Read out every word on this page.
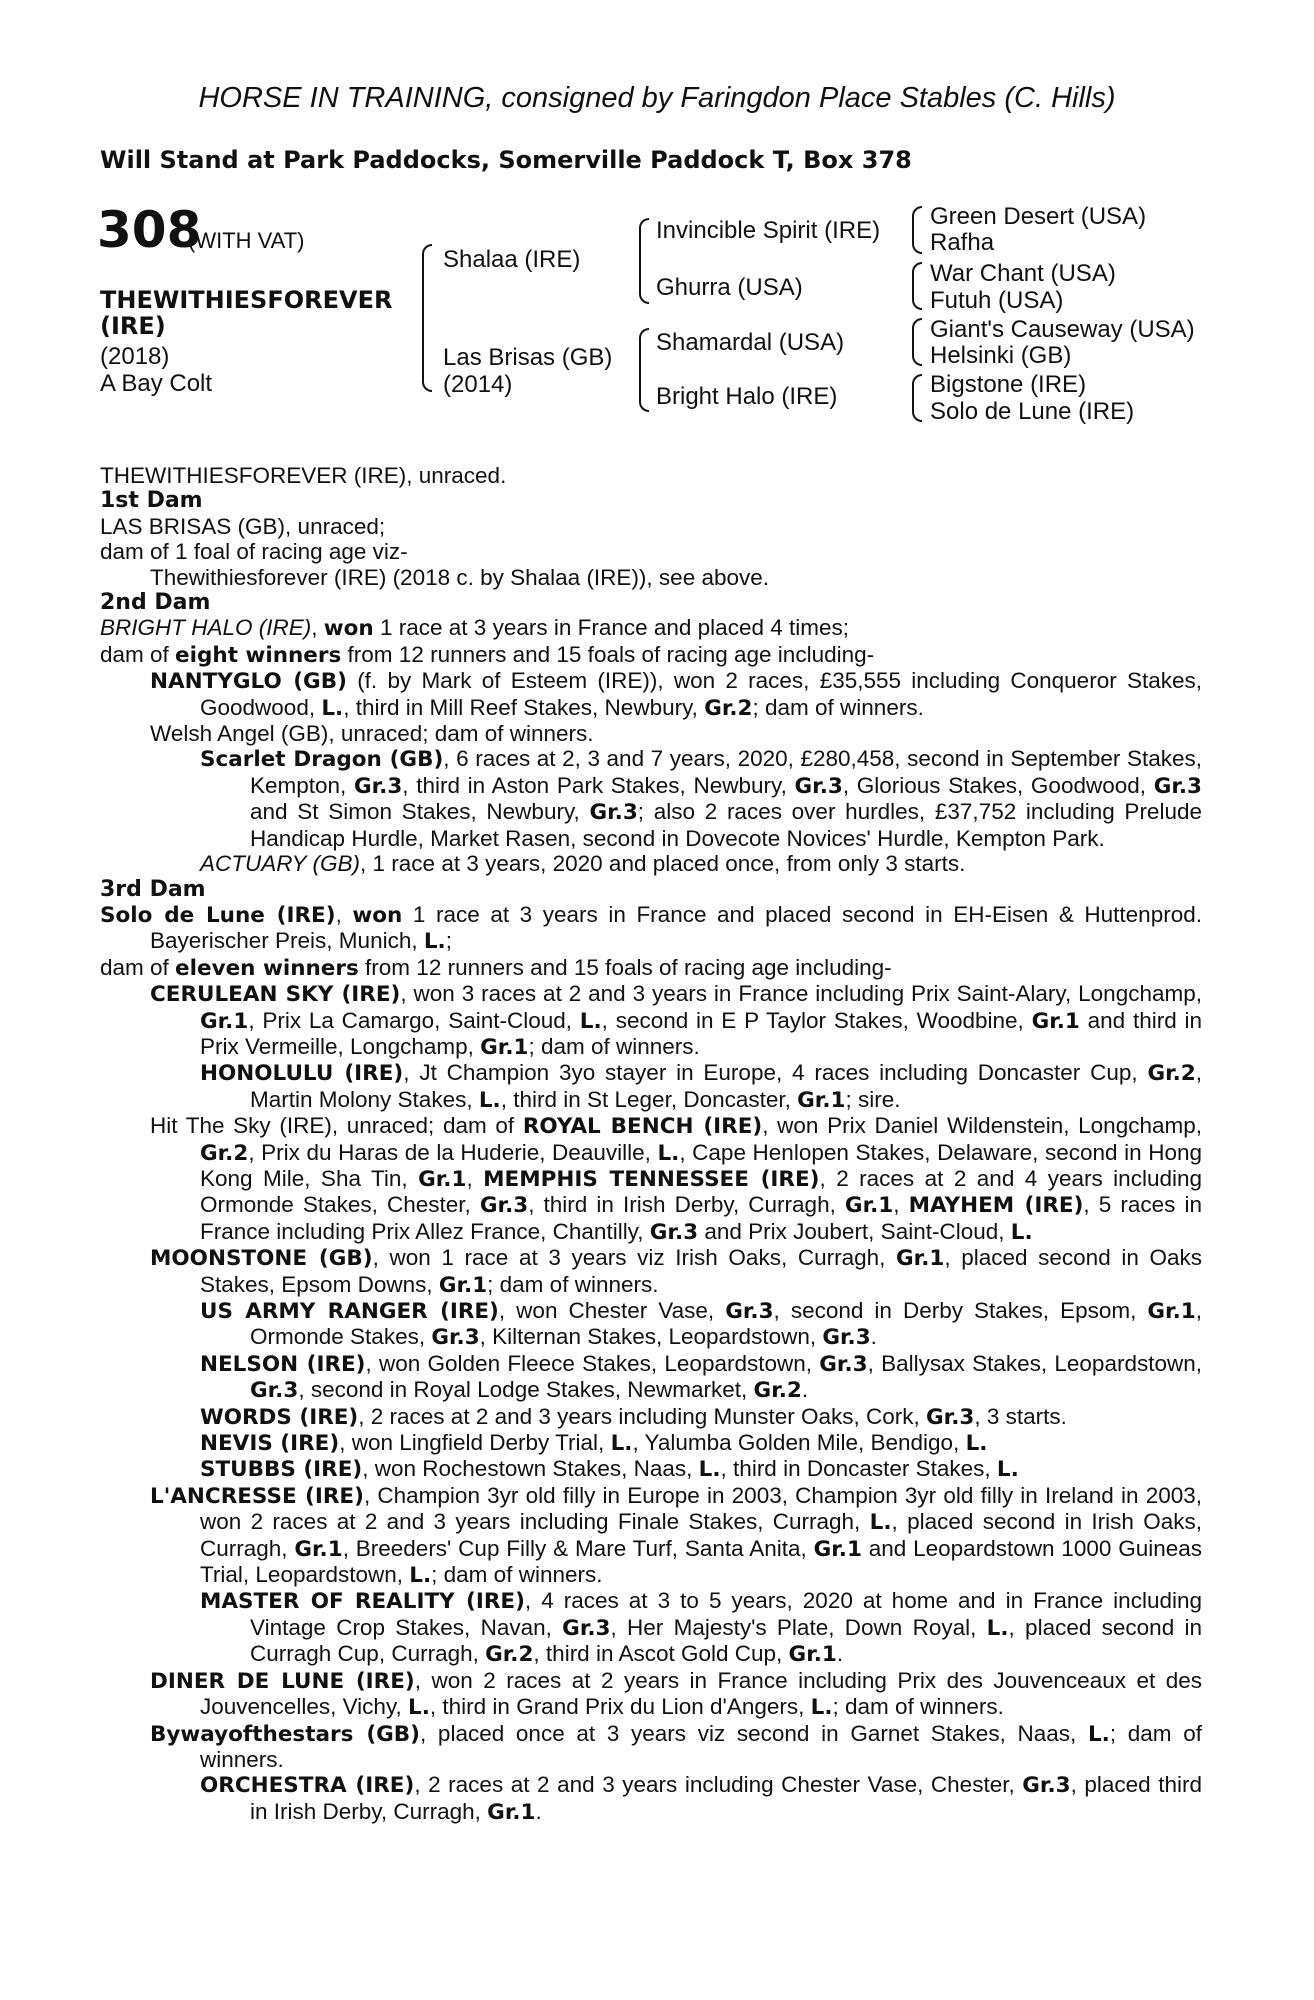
HORSE IN TRAINING, consigned by Faringdon Place Stables (C. Hills)
Will Stand at Park Paddocks, Somerville Paddock T, Box 378
308
(WITH VAT)
THEWITHIESFOREVER
(IRE)
(2018)
A Bay Colt
Shalaa (IRE)
Las Brisas (GB)
(2014)
Invincible Spirit (IRE)
Ghurra (USA)
Shamardal (USA)
Bright Halo (IRE)
Green Desert (USA)
Rafha
War Chant (USA)
Futuh (USA)
Giant's Causeway (USA)
Helsinki (GB)
Bigstone (IRE)
Solo de Lune (IRE)

THEWITHIESFOREVER (IRE), unraced.

1st Dam

LAS BRISAS (GB), unraced;

dam of 1 foal of racing age viz-

Thewithiesforever (IRE) (2018 c. by Shalaa (IRE)), see above.

2nd Dam

BRIGHT HALO (IRE), won 1 race at 3 years in France and placed 4 times;

dam of eight winners from 12 runners and 15 foals of racing age including-

NANTYGLO (GB) (f. by Mark of Esteem (IRE)), won 2 races, £35,555 including Conqueror Stakes, Goodwood, L., third in Mill Reef Stakes, Newbury, Gr.2; dam of winners.

Welsh Angel (GB), unraced; dam of winners.

Scarlet Dragon (GB), 6 races at 2, 3 and 7 years, 2020, £280,458, second in September Stakes, Kempton, Gr.3, third in Aston Park Stakes, Newbury, Gr.3, Glorious Stakes, Goodwood, Gr.3 and St Simon Stakes, Newbury, Gr.3; also 2 races over hurdles, £37,752 including Prelude Handicap Hurdle, Market Rasen, second in Dovecote Novices' Hurdle, Kempton Park.

ACTUARY (GB), 1 race at 3 years, 2020 and placed once, from only 3 starts.

3rd Dam

Solo de Lune (IRE), won 1 race at 3 years in France and placed second in EH-Eisen & Huttenprod. Bayerischer Preis, Munich, L.;

dam of eleven winners from 12 runners and 15 foals of racing age including-

CERULEAN SKY (IRE), won 3 races at 2 and 3 years in France including Prix Saint-Alary, Longchamp, Gr.1, Prix La Camargo, Saint-Cloud, L., second in E P Taylor Stakes, Woodbine, Gr.1 and third in Prix Vermeille, Longchamp, Gr.1; dam of winners.

HONOLULU (IRE), Jt Champion 3yo stayer in Europe, 4 races including Doncaster Cup, Gr.2, Martin Molony Stakes, L., third in St Leger, Doncaster, Gr.1; sire.

Hit The Sky (IRE), unraced; dam of ROYAL BENCH (IRE), won Prix Daniel Wildenstein, Longchamp, Gr.2, Prix du Haras de la Huderie, Deauville, L., Cape Henlopen Stakes, Delaware, second in Hong Kong Mile, Sha Tin, Gr.1, MEMPHIS TENNESSEE (IRE), 2 races at 2 and 4 years including Ormonde Stakes, Chester, Gr.3, third in Irish Derby, Curragh, Gr.1, MAYHEM (IRE), 5 races in France including Prix Allez France, Chantilly, Gr.3 and Prix Joubert, Saint-Cloud, L.

MOONSTONE (GB), won 1 race at 3 years viz Irish Oaks, Curragh, Gr.1, placed second in Oaks Stakes, Epsom Downs, Gr.1; dam of winners.

US ARMY RANGER (IRE), won Chester Vase, Gr.3, second in Derby Stakes, Epsom, Gr.1, Ormonde Stakes, Gr.3, Kilternan Stakes, Leopardstown, Gr.3.

NELSON (IRE), won Golden Fleece Stakes, Leopardstown, Gr.3, Ballysax Stakes, Leopardstown, Gr.3, second in Royal Lodge Stakes, Newmarket, Gr.2.

WORDS (IRE), 2 races at 2 and 3 years including Munster Oaks, Cork, Gr.3, 3 starts.

NEVIS (IRE), won Lingfield Derby Trial, L., Yalumba Golden Mile, Bendigo, L.

STUBBS (IRE), won Rochestown Stakes, Naas, L., third in Doncaster Stakes, L.

L'ANCRESSE (IRE), Champion 3yr old filly in Europe in 2003, Champion 3yr old filly in Ireland in 2003, won 2 races at 2 and 3 years including Finale Stakes, Curragh, L., placed second in Irish Oaks, Curragh, Gr.1, Breeders' Cup Filly & Mare Turf, Santa Anita, Gr.1 and Leopardstown 1000 Guineas Trial, Leopardstown, L.; dam of winners.

MASTER OF REALITY (IRE), 4 races at 3 to 5 years, 2020 at home and in France including Vintage Crop Stakes, Navan, Gr.3, Her Majesty's Plate, Down Royal, L., placed second in Curragh Cup, Curragh, Gr.2, third in Ascot Gold Cup, Gr.1.

DINER DE LUNE (IRE), won 2 races at 2 years in France including Prix des Jouvenceaux et des Jouvencelles, Vichy, L., third in Grand Prix du Lion d'Angers, L.; dam of winners.

Bywayofthestars (GB), placed once at 3 years viz second in Garnet Stakes, Naas, L.; dam of winners.

ORCHESTRA (IRE), 2 races at 2 and 3 years including Chester Vase, Chester, Gr.3, placed third in Irish Derby, Curragh, Gr.1.
